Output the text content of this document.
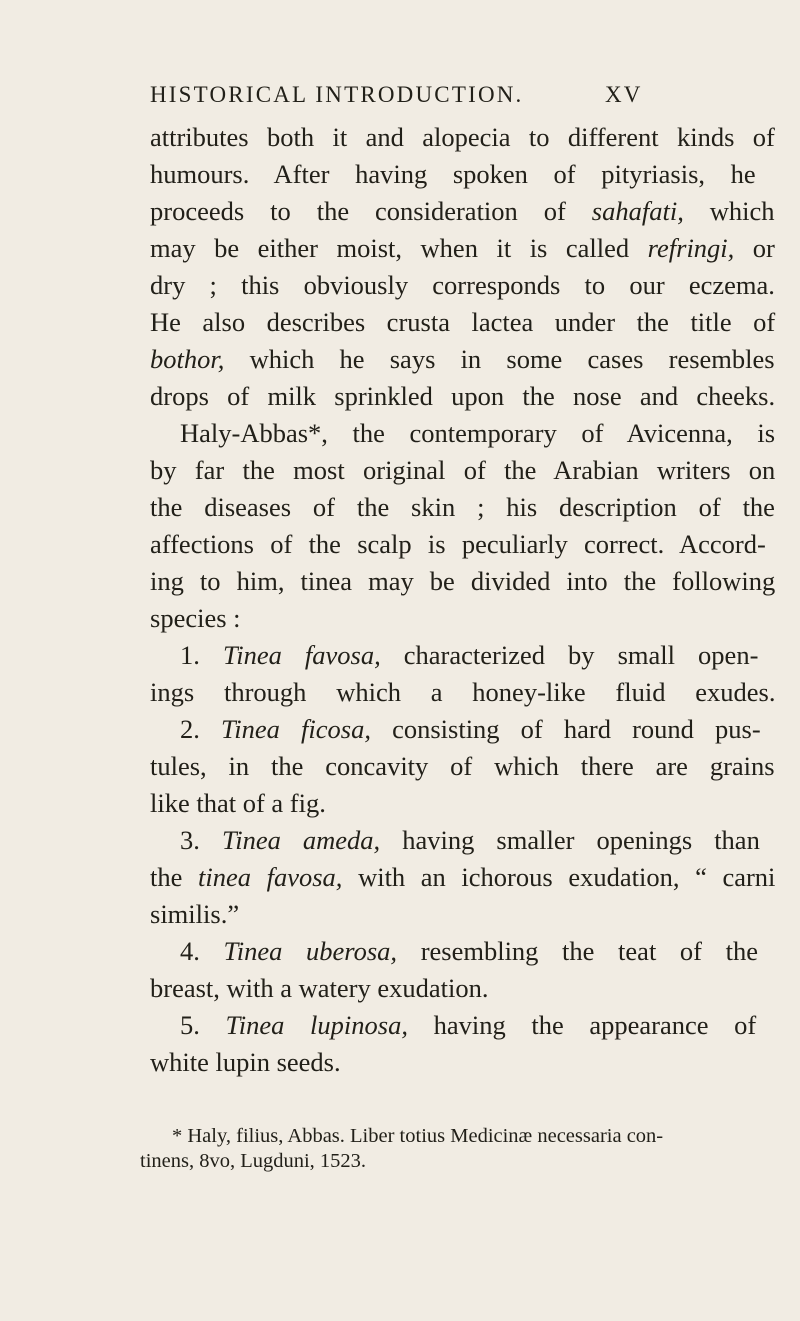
HISTORICAL INTRODUCTION.	XV
attributes both it and alopecia to different kinds of
humours. After having spoken of pityriasis, he
proceeds to the consideration of sahafati, which
may be either moist, when it is called refringi, or
dry ; this obviously corresponds to our eczema.
He also describes crusta lactea under the title of
bothor, which he says in some cases resembles
drops of milk sprinkled upon the nose and cheeks.
Haly-Abbas*, the contemporary of Avicenna, is
by far the most original of the Arabian writers on
the diseases of the skin ; his description of the
affections of the scalp is peculiarly correct. Accord-
ing to him, tinea may be divided into the following
species :
1. Tinea favosa, characterized by small open-
ings through which a honey-like fluid exudes.
2. Tinea ficosa, consisting of hard round pus-
tules, in the concavity of which there are grains
like that of a fig.
3. Tinea ameda, having smaller openings than
the tinea favosa, with an ichorous exudation, “ carni
similis.”
4. Tinea uberosa, resembling the teat of the
breast, with a watery exudation.
5. Tinea lupinosa, having the appearance of
white lupin seeds.
* Haly, filius, Abbas. Liber totius Medicinæ necessaria con-
tinens, 8vo, Lugduni, 1523.
